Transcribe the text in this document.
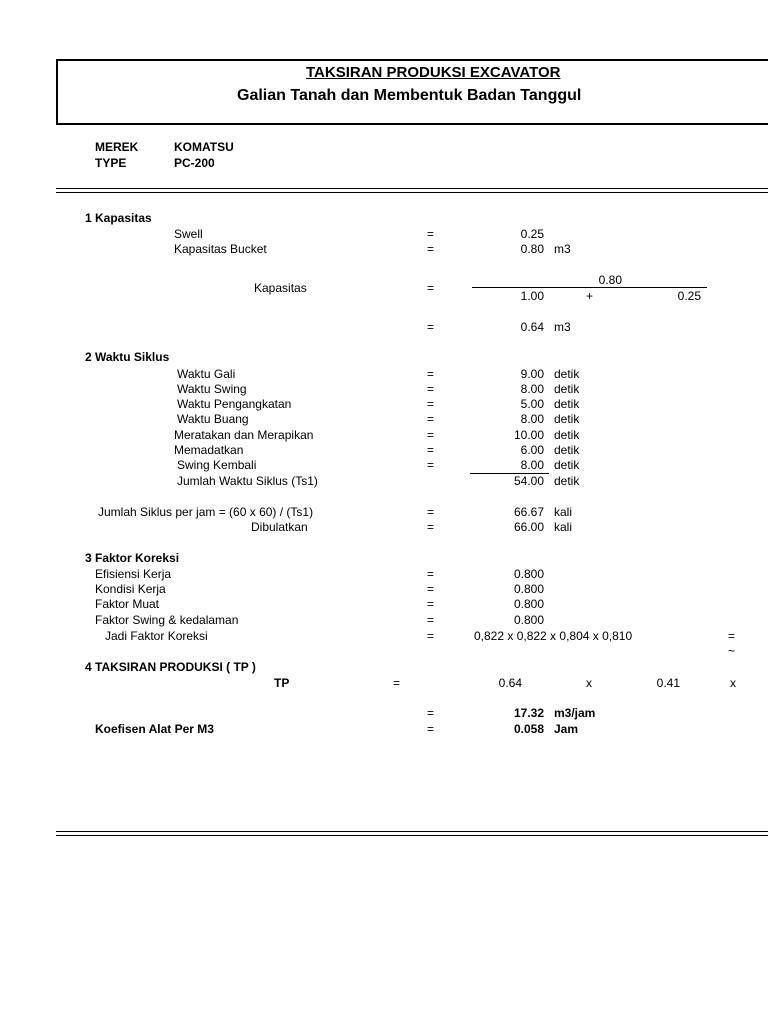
TAKSIRAN PRODUKSI EXCAVATOR
Galian Tanah dan Membentuk Badan Tanggul
MEREK	KOMATSU
TYPE	PC-200
1 Kapasitas
Swell	=	0.25
Kapasitas Bucket	=	0.80 m3
0.80
Kapasitas	=
1.00	+	0.25
=	0.64 m3
2 Waktu Siklus
Waktu Gali	=	9.00 detik
Waktu Swing	=	8.00 detik
Waktu Pengangkatan	=	5.00 detik
Waktu Buang	=	8.00 detik
Meratakan dan Merapikan	=	10.00 detik
Memadatkan	=	6.00 detik
Swing Kembali	=	8.00 detik
Jumlah Waktu Siklus (Ts1)	54.00 detik
Jumlah Siklus per jam = (60 x 60) / (Ts1)	=	66.67 kali
Dibulatkan	=	66.00 kali
3 Faktor Koreksi
Efisiensi Kerja	=	0.800
Kondisi Kerja	=	0.800
Faktor Muat	=	0.800
Faktor Swing & kedalaman	=	0.800
Jadi Faktor Koreksi	=	0,822 x 0,822 x 0,804 x 0,810	=
~
4 TAKSIRAN PRODUKSI ( TP )
TP	=	0.64	x	0.41	x
=	17.32 m3/jam
Koefisen Alat Per M3	=	0.058 Jam
